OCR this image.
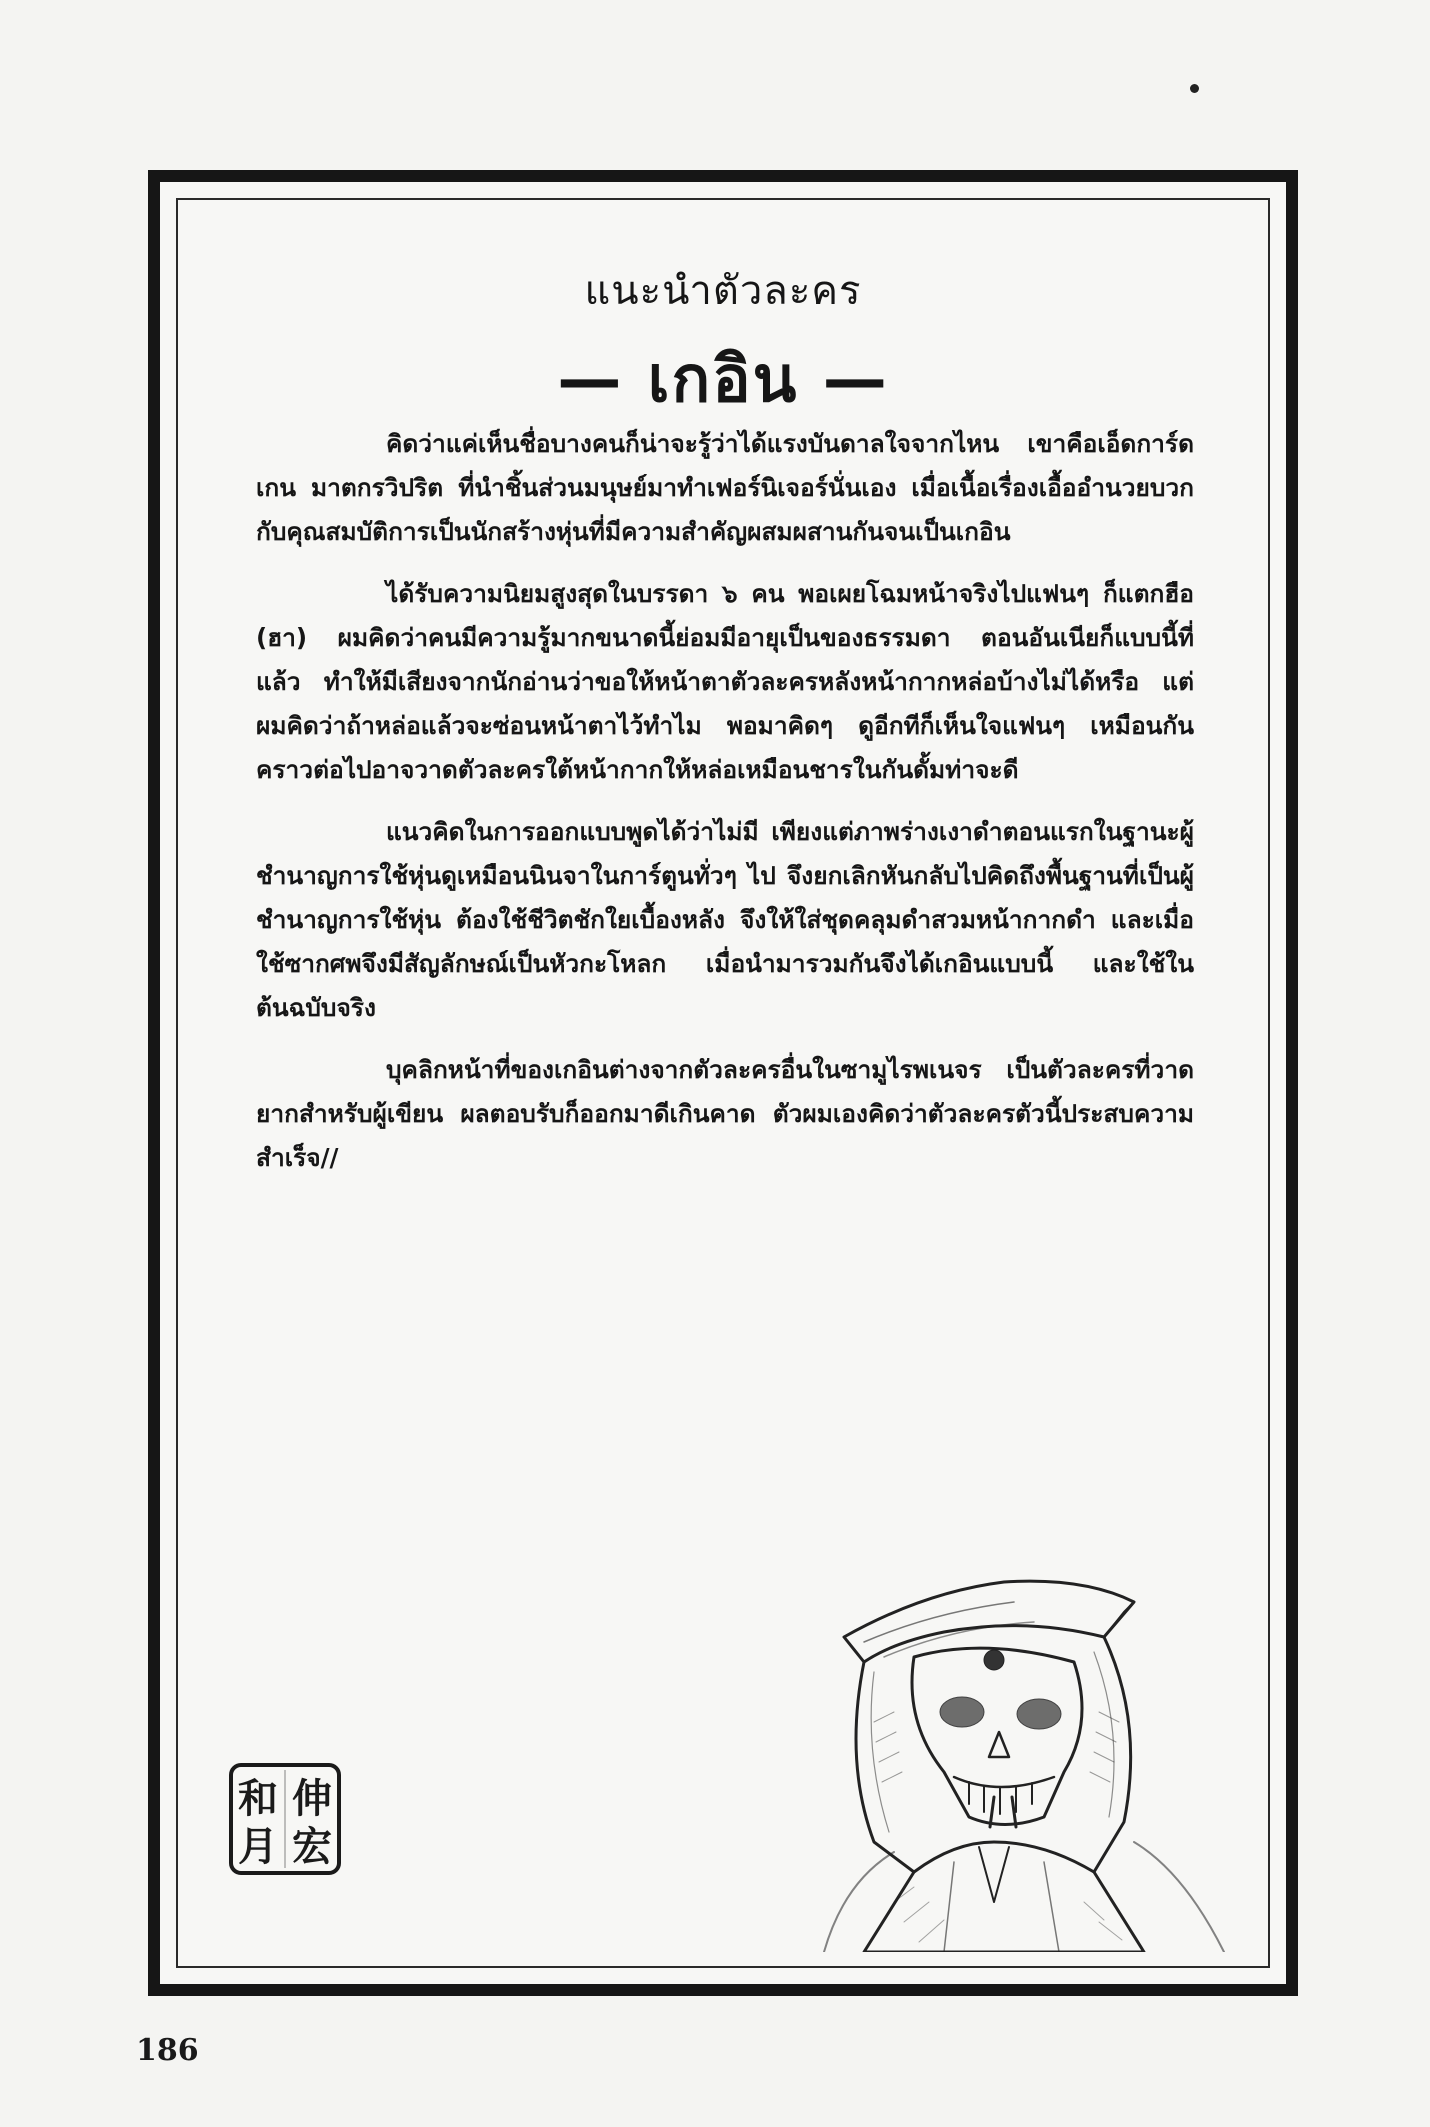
แนะนำตัวละคร
— เกอิน —

คิดว่าแค่เห็นชื่อบางคนก็น่าจะรู้ว่าได้แรงบันดาลใจจากไหน เขาคือเอ็ดการ์ด เกน มาตกรวิปริต ที่นำชิ้นส่วนมนุษย์มาทำเฟอร์นิเจอร์นั่นเอง เมื่อเนื้อเรื่องเอื้ออำนวยบวกกับคุณสมบัติการเป็นนักสร้างหุ่นที่มีความสำคัญผสมผสานกันจนเป็นเกอิน

ได้รับความนิยมสูงสุดในบรรดา ๖ คน พอเผยโฉมหน้าจริงไปแฟนๆ ก็แตกฮือ (ฮา) ผมคิดว่าคนมีความรู้มากขนาดนี้ย่อมมีอายุเป็นของธรรมดา ตอนอันเนียก็แบบนี้ที่แล้ว ทำให้มีเสียงจากนักอ่านว่าขอให้หน้าตาตัวละครหลังหน้ากากหล่อบ้างไม่ได้หรือ แต่ผมคิดว่าถ้าหล่อแล้วจะซ่อนหน้าตาไว้ทำไม พอมาคิดๆ ดูอีกทีก็เห็นใจแฟนๆ เหมือนกัน คราวต่อไปอาจวาดตัวละครใต้หน้ากากให้หล่อเหมือนชารในกันดั้มท่าจะดี

แนวคิดในการออกแบบพูดได้ว่าไม่มี เพียงแต่ภาพร่างเงาดำตอนแรกในฐานะผู้ชำนาญการใช้หุ่นดูเหมือนนินจาในการ์ตูนทั่วๆ ไป จึงยกเลิกหันกลับไปคิดถึงพื้นฐานที่เป็นผู้ชำนาญการใช้หุ่น ต้องใช้ชีวิตชักใยเบื้องหลัง จึงให้ใส่ชุดคลุมดำสวมหน้ากากดำ และเมื่อใช้ซากศพจึงมีสัญลักษณ์เป็นหัวกะโหลก เมื่อนำมารวมกันจึงได้เกอินแบบนี้ และใช้ในต้นฉบับจริง

บุคลิกหน้าที่ของเกอินต่างจากตัวละครอื่นในซามูไรพเนจร เป็นตัวละครที่วาดยากสำหรับผู้เขียน ผลตอบรับก็ออกมาดีเกินคาด ตัวผมเองคิดว่าตัวละครตัวนี้ประสบความสำเร็จ//

伸
宏
和
月
186
